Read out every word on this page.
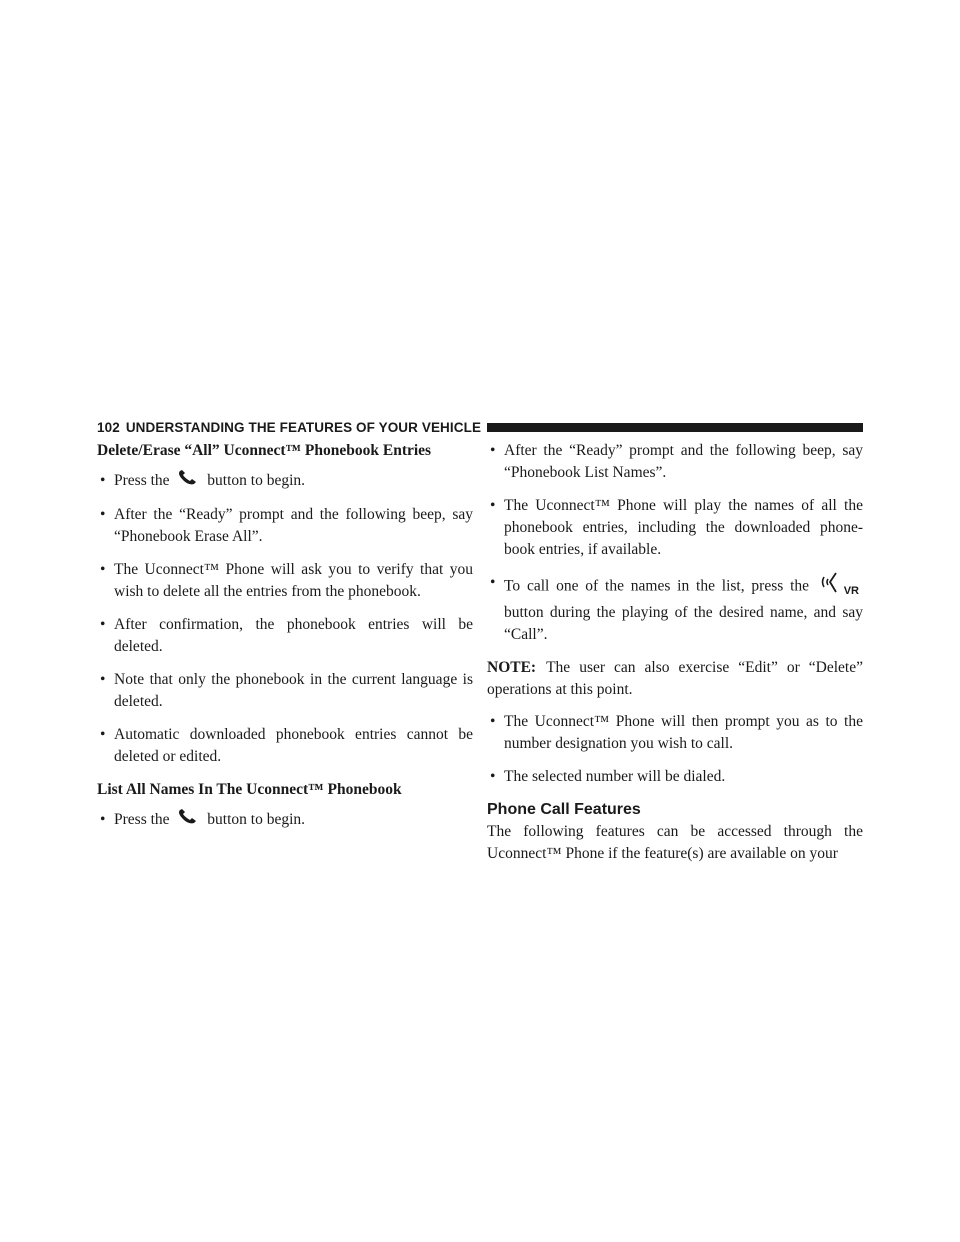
102 UNDERSTANDING THE FEATURES OF YOUR VEHICLE
Delete/Erase “All” Uconnect™ Phonebook Entries
• Press the button to begin.
• After the “Ready” prompt and the following beep, say “Phonebook Erase All”.
• The Uconnect™ Phone will ask you to verify that you wish to delete all the entries from the phonebook.
• After confirmation, the phonebook entries will be deleted.
• Note that only the phonebook in the current language is deleted.
• Automatic downloaded phonebook entries cannot be deleted or edited.
List All Names In The Uconnect™ Phonebook
• Press the button to begin.
• After the “Ready” prompt and the following beep, say “Phonebook List Names”.
• The Uconnect™ Phone will play the names of all the phonebook entries, including the downloaded phone-book entries, if available.
• To call one of the names in the list, press the	VR button during the playing of the desired name, and say “Call”.

NOTE: The user can also exercise “Edit” or “Delete” operations at this point.

• The Uconnect™ Phone will then prompt you as to the number designation you wish to call.
• The selected number will be dialed.
Phone Call Features

The following features can be accessed through the Uconnect™ Phone if the feature(s) are available on your
